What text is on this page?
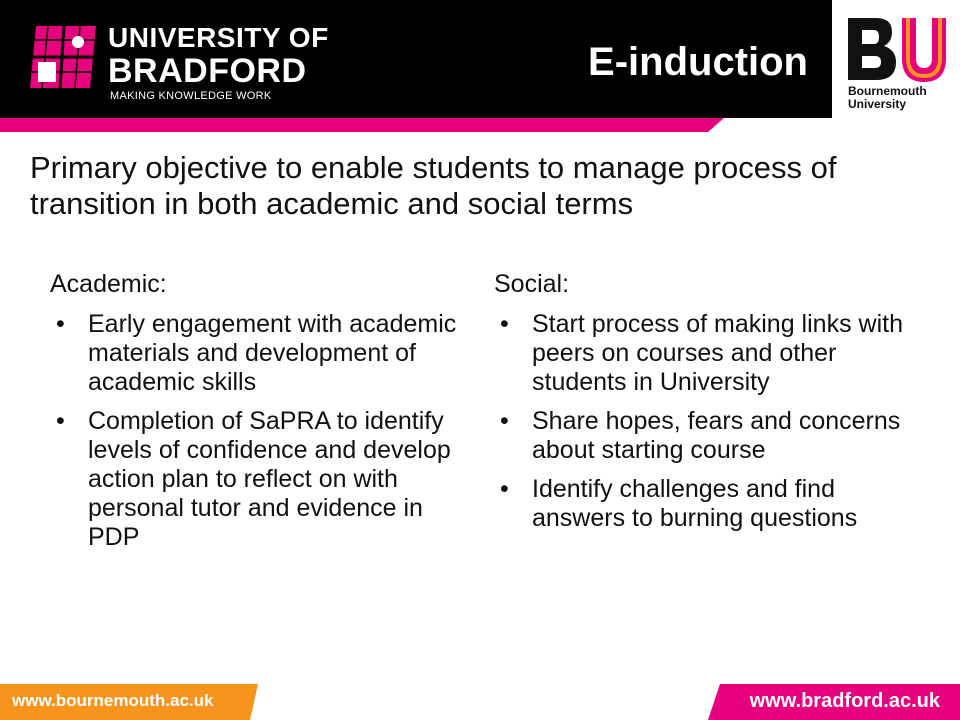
UNIVERSITY OF
BRADFORD
MAKING KNOWLEDGE WORK
E-induction
Bournemouth
University
Primary objective to enable students to manage process of transition in both academic and social terms
Academic:
• Early engagement with academic materials and development of academic skills
• Completion of SaPRA to identify levels of confidence and develop action plan to reflect on with personal tutor and evidence in PDP
Social:
• Start process of making links with peers on courses and other students in University
• Share hopes, fears and concerns about starting course
• Identify challenges and find answers to burning questions
www.bournemouth.ac.uk	www.bradford.ac.uk
